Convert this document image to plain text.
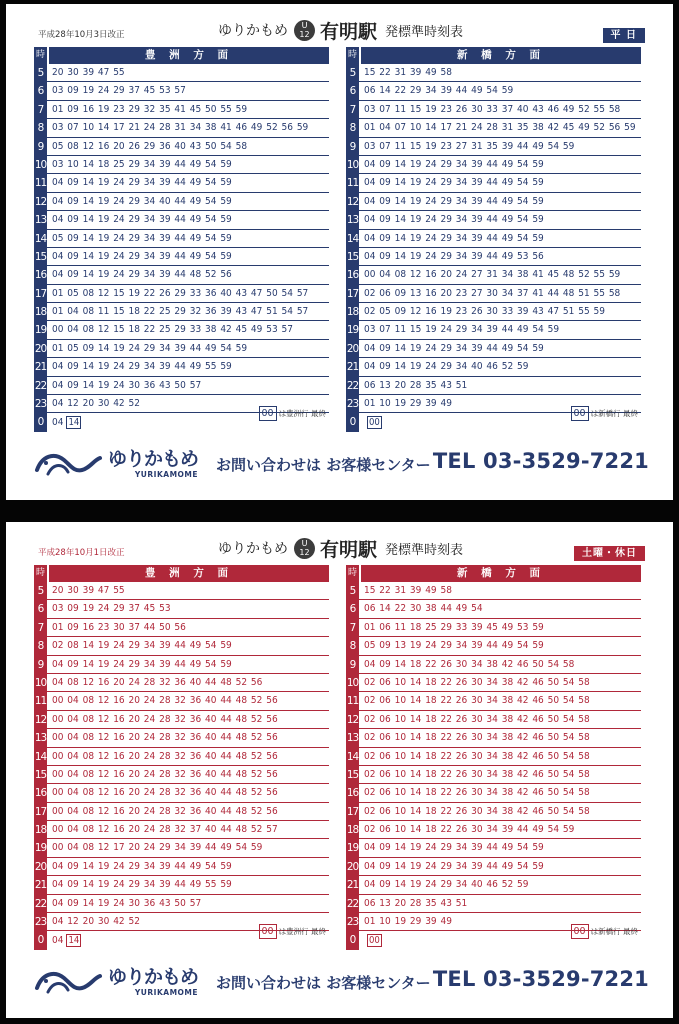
平成28年10月3日改正	ゆりかもめ	U
12 有明駅 発標準時刻表	平 日
時	豊 洲 方 面
5 20 30 39 47 55
6 03 09 19 24 29 37 45 53 57
7 01 09 16 19 23 29 32 35 41 45 50 55 59
8 03 07 10 14 17 21 24 28 31 34 38 41 46 49 52 56 59
9 05 08 12 16 20 26 29 36 40 43 50 54 58
10 03 10 14 18 25 29 34 39 44 49 54 59
11 04 09 14 19 24 29 34 39 44 49 54 59
12 04 09 14 19 24 29 34 40 44 49 54 59
13 04 09 14 19 24 29 34 39 44 49 54 59
14 05 09 14 19 24 29 34 39 44 49 54 59
15 04 09 14 19 24 29 34 39 44 49 54 59
16 04 09 14 19 24 29 34 39 44 48 52 56
17 01 05 08 12 15 19 22 26 29 33 36 40 43 47 50 54 57
18 01 04 08 11 15 18 22 25 29 32 36 39 43 47 51 54 57
19 00 04 08 12 15 18 22 25 29 33 38 42 45 49 53 57
20 01 05 09 14 19 24 29 34 39 44 49 54 59
21 04 09 14 19 24 29 34 39 44 49 55 59
22 04 09 14 19 24 30 36 43 50 57
23 04 12 20 30 42 52
0 04 14
00 は豊洲行 最終
時	新 橋 方 面
5 15 22 31 39 49 58
6 06 14 22 29 34 39 44 49 54 59
7 03 07 11 15 19 23 26 30 33 37 40 43 46 49 52 55 58
8 01 04 07 10 14 17 21 24 28 31 35 38 42 45 49 52 56 59
9 03 07 11 15 19 23 27 31 35 39 44 49 54 59
10 04 09 14 19 24 29 34 39 44 49 54 59
11 04 09 14 19 24 29 34 39 44 49 54 59
12 04 09 14 19 24 29 34 39 44 49 54 59
13 04 09 14 19 24 29 34 39 44 49 54 59
14 04 09 14 19 24 29 34 39 44 49 54 59
15 04 09 14 19 24 29 34 39 44 49 53 56
16 00 04 08 12 16 20 24 27 31 34 38 41 45 48 52 55 59
17 02 06 09 13 16 20 23 27 30 34 37 41 44 48 51 55 58
18 02 05 09 12 16 19 23 26 30 33 39 43 47 51 55 59
19 03 07 11 15 19 24 29 34 39 44 49 54 59
20 04 09 14 19 24 29 34 39 44 49 54 59
21 04 09 14 19 24 29 34 40 46 52 59
22 06 13 20 28 35 43 51
23 01 10 19 29 39 49
0	00
00 は新橋行 最終
ゆりかもめ
YURIKAMOME
お問い合わせは お客様センター TEL 03-3529-7221
平成28年10月1日改正	ゆりかもめ	U
12 有明駅 発標準時刻表	土曜・休日
時	豊 洲 方 面
5 20 30 39 47 55
6 03 09 19 24 29 37 45 53
7 01 09 16 23 30 37 44 50 56
8 02 08 14 19 24 29 34 39 44 49 54 59
9 04 09 14 19 24 29 34 39 44 49 54 59
10 04 08 12 16 20 24 28 32 36 40 44 48 52 56
11 00 04 08 12 16 20 24 28 32 36 40 44 48 52 56
12 00 04 08 12 16 20 24 28 32 36 40 44 48 52 56
13 00 04 08 12 16 20 24 28 32 36 40 44 48 52 56
14 00 04 08 12 16 20 24 28 32 36 40 44 48 52 56
15 00 04 08 12 16 20 24 28 32 36 40 44 48 52 56
16 00 04 08 12 16 20 24 28 32 36 40 44 48 52 56
17 00 04 08 12 16 20 24 28 32 36 40 44 48 52 56
18 00 04 08 12 16 20 24 28 32 37 40 44 48 52 57
19 00 04 08 12 17 20 24 29 34 39 44 49 54 59
20 04 09 14 19 24 29 34 39 44 49 54 59
21 04 09 14 19 24 29 34 39 44 49 55 59
22 04 09 14 19 24 30 36 43 50 57
23 04 12 20 30 42 52
0 04 14
00 は豊洲行 最終
時	新 橋 方 面
5 15 22 31 39 49 58
6 06 14 22 30 38 44 49 54
7 01 06 11 18 25 29 33 39 45 49 53 59
8 05 09 13 19 24 29 34 39 44 49 54 59
9 04 09 14 18 22 26 30 34 38 42 46 50 54 58
10 02 06 10 14 18 22 26 30 34 38 42 46 50 54 58
11 02 06 10 14 18 22 26 30 34 38 42 46 50 54 58
12 02 06 10 14 18 22 26 30 34 38 42 46 50 54 58
13 02 06 10 14 18 22 26 30 34 38 42 46 50 54 58
14 02 06 10 14 18 22 26 30 34 38 42 46 50 54 58
15 02 06 10 14 18 22 26 30 34 38 42 46 50 54 58
16 02 06 10 14 18 22 26 30 34 38 42 46 50 54 58
17 02 06 10 14 18 22 26 30 34 38 42 46 50 54 58
18 02 06 10 14 18 22 26 30 34 39 44 49 54 59
19 04 09 14 19 24 29 34 39 44 49 54 59
20 04 09 14 19 24 29 34 39 44 49 54 59
21 04 09 14 19 24 29 34 40 46 52 59
22 06 13 20 28 35 43 51
23 01 10 19 29 39 49
0	00
00 は新橋行 最終
ゆりかもめ
YURIKAMOME
お問い合わせは お客様センター TEL 03-3529-7221
